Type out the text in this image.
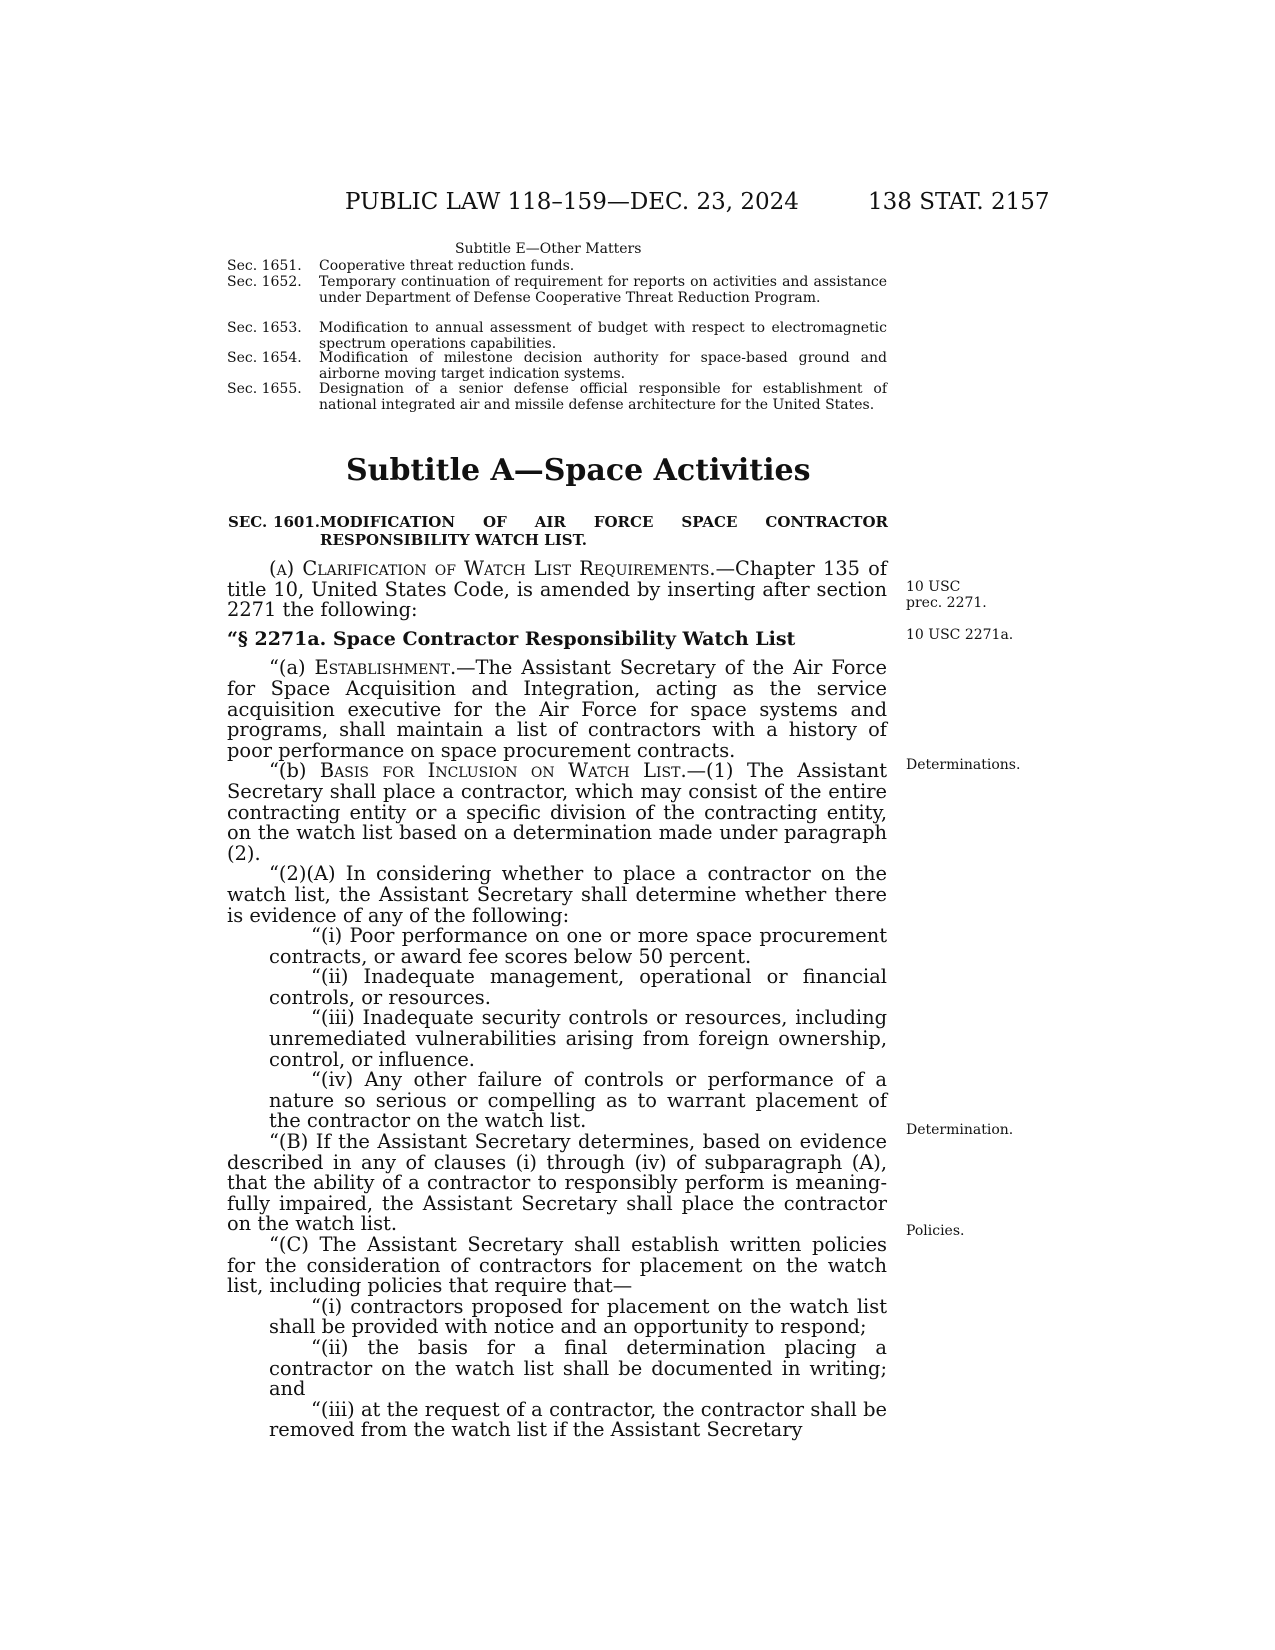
PUBLIC LAW 118–159—DEC. 23, 2024	138 STAT. 2157
Subtitle E—Other Matters
Sec. 1651.	Cooperative threat reduction funds.
Sec. 1652.	Temporary continuation of requirement for reports on activities and assistance under Department of Defense Cooperative Threat Reduction Program.
Sec. 1653.	Modification to annual assessment of budget with respect to electromagnetic spectrum operations capabilities.
Sec. 1654.	Modification of milestone decision authority for space-based ground and airborne moving target indication systems.
Sec. 1655.	Designation of a senior defense official responsible for establishment of national integrated air and missile defense architecture for the United States.
Subtitle A—Space Activities
SEC. 1601.MODIFICATION OF AIR FORCE SPACE CONTRACTOR
RESPONSIBILITY WATCH LIST.

(a) Clarification of Watch List Requirements.—Chapter 135 of title 10, United States Code, is amended by inserting after section 2271 the following:

“§ 2271a. Space Contractor Responsibility Watch List

“(a) Establishment.—The Assistant Secretary of the Air Force for Space Acquisition and Integration, acting as the service acquisition executive for the Air Force for space systems and programs, shall maintain a list of contractors with a history of poor performance on space procurement contracts.

“(b) Basis for Inclusion on Watch List.—(1) The Assistant Secretary shall place a contractor, which may consist of the entire contracting entity or a specific division of the contracting entity, on the watch list based on a determination made under paragraph (2).

“(2)(A) In considering whether to place a contractor on the watch list, the Assistant Secretary shall determine whether there is evidence of any of the following:

“(i) Poor performance on one or more space procurement contracts, or award fee scores below 50 percent.

“(ii) Inadequate management, operational or financial controls, or resources.

“(iii) Inadequate security controls or resources, including unremediated vulnerabilities arising from foreign ownership, control, or influence.

“(iv) Any other failure of controls or performance of a nature so serious or compelling as to warrant placement of the contractor on the watch list.

“(B) If the Assistant Secretary determines, based on evidence described in any of clauses (i) through (iv) of subparagraph (A), that the ability of a contractor to responsibly perform is meaningfully impaired, the Assistant Secretary shall place the contractor on the watch list.

“(C) The Assistant Secretary shall establish written policies for the consideration of contractors for placement on the watch list, including policies that require that—

“(i) contractors proposed for placement on the watch list shall be provided with notice and an opportunity to respond;

“(ii) the basis for a final determination placing a contractor on the watch list shall be documented in writing; and

“(iii) at the request of a contractor, the contractor shall be removed from the watch list if the Assistant Secretary

10 USC
prec. 2271.
10 USC 2271a.
Determinations.
Determination.
Policies.
